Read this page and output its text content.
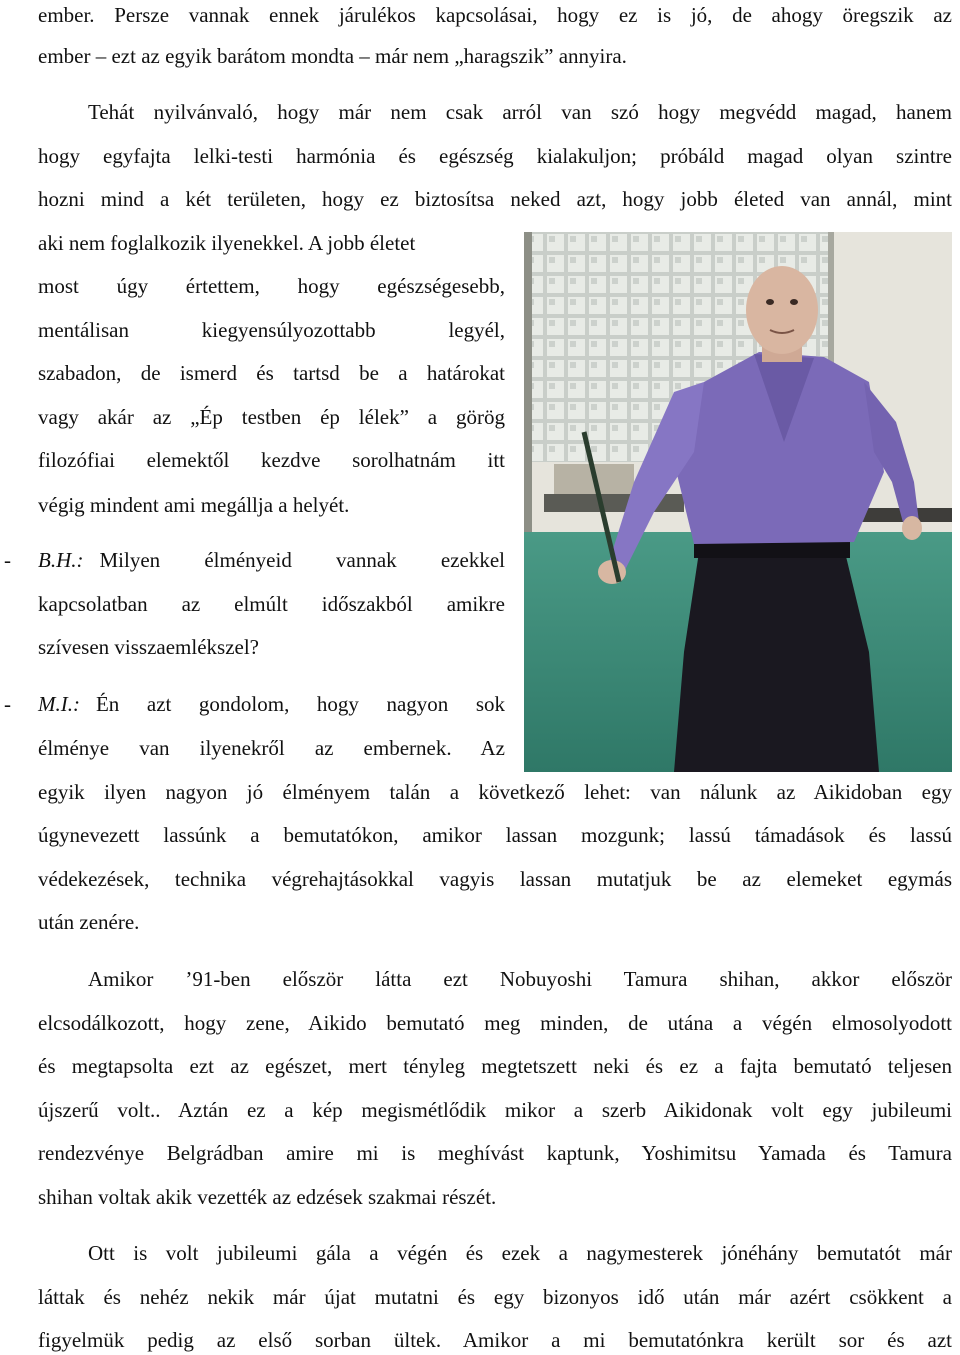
ember. Persze vannak ennek járulékos kapcsolásai, hogy ez is jó, de ahogy öregszik az
ember – ezt az egyik barátom mondta – már nem „haragszik” annyira.
Tehát nyilvánvaló, hogy már nem csak arról van szó hogy megvédd magad, hanem
hogy egyfajta lelki-testi harmónia és egészség kialakuljon; próbáld magad olyan szintre
hozni mind a két területen, hogy ez biztosítsa neked azt, hogy jobb életed van annál, mint
aki nem foglalkozik ilyenekkel. A jobb életet
most úgy értettem, hogy egészségesebb,
mentálisan kiegyensúlyozottabb legyél,
szabadon, de ismerd és tartsd be a határokat
vagy akár az „Ép testben ép lélek” a görög
filozófiai elemektől kezdve sorolhatnám itt
végig mindent ami megállja a helyét.
- B.H.: Milyen élményeid vannak ezekkel
kapcsolatban az elmúlt időszakból amikre
szívesen visszaemlékszel?
- M.I.: Én azt gondolom, hogy nagyon sok
élménye van ilyenekről az embernek. Az
egyik ilyen nagyon jó élményem talán a következő lehet: van nálunk az Aikidoban egy
úgynevezett lassúnk a bemutatókon, amikor lassan mozgunk; lassú támadások és lassú
védekezések, technika végrehajtásokkal vagyis lassan mutatjuk be az elemeket egymás
után zenére.
Amikor ’91-ben először látta ezt Nobuyoshi Tamura shihan, akkor először
elcsodálkozott, hogy zene, Aikido bemutató meg minden, de utána a végén elmosolyodott
és megtapsolta ezt az egészet, mert tényleg megtetszett neki és ez a fajta bemutató teljesen
újszerű volt.. Aztán ez a kép megismétlődik mikor a szerb Aikidonak volt egy jubileumi
rendezvénye Belgrádban amire mi is meghívást kaptunk, Yoshimitsu Yamada és Tamura
shihan voltak akik vezették az edzések szakmai részét.
Ott is volt jubileumi gála a végén és ezek a nagymesterek jónéhány bemutatót már
láttak és nehéz nekik már újat mutatni és egy bizonyos idő után már azért csökkent a
figyelmük pedig az első sorban ültek. Amikor a mi bemutatónkra került sor és azt
